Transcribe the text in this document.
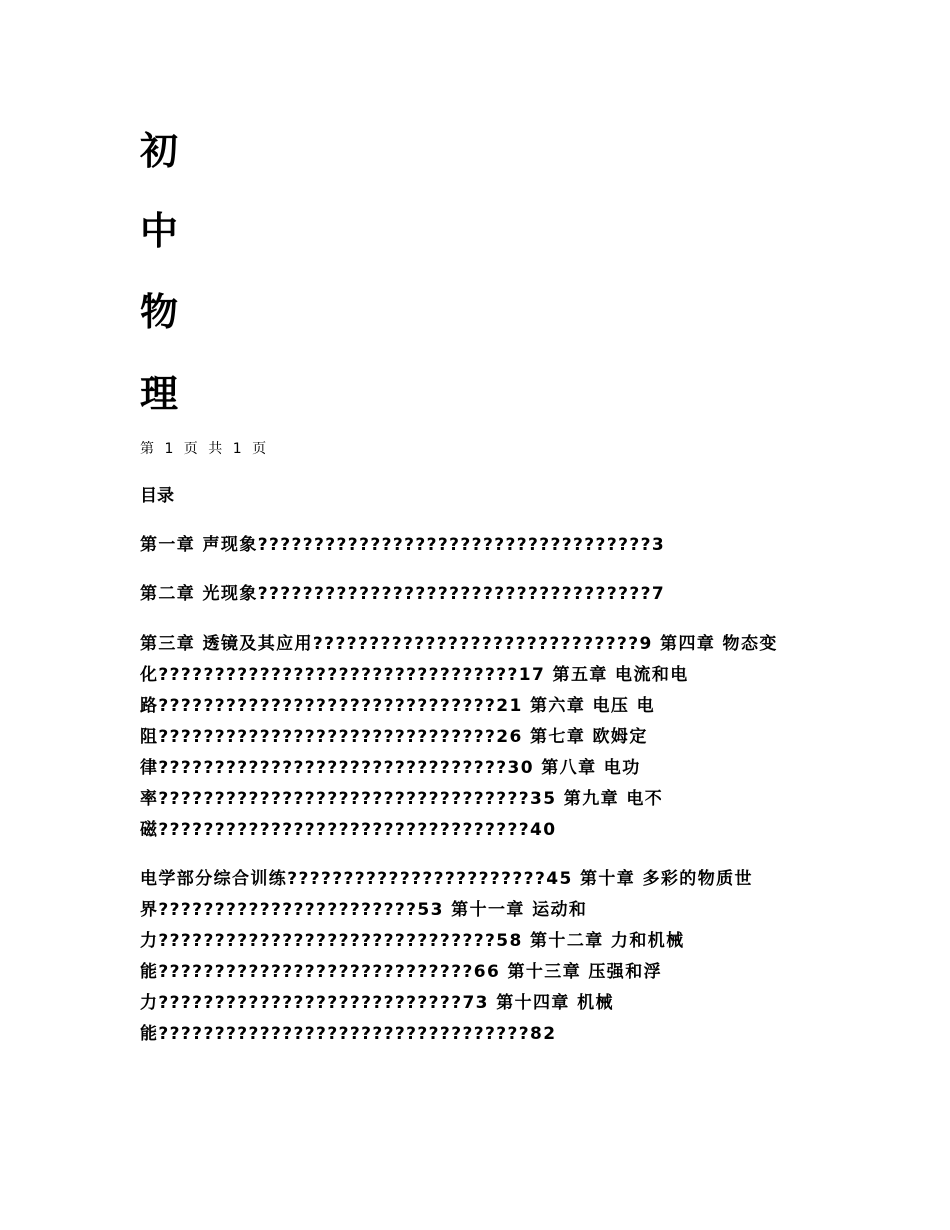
初
中
物
理
第 1 页 共 1 页
目录
第一章 声现象???????????????????????????????????3
第二章 光现象???????????????????????????????????7
第三章 透镜及其应用?????????????????????????????9 第四章 物态变
化????????????????????????????????17 第五章 电流和电
路??????????????????????????????21 第六章 电压 电
阻??????????????????????????????26 第七章 欧姆定
律???????????????????????????????30 第八章 电功
率?????????????????????????????????35 第九章 电不
磁?????????????????????????????????40
电学部分综合训练???????????????????????45 第十章 多彩的物质世
界???????????????????????53 第十一章 运动和
力??????????????????????????????58 第十二章 力和机械
能????????????????????????????66 第十三章 压强和浮
力???????????????????????????73 第十四章 机械
能?????????????????????????????????82
